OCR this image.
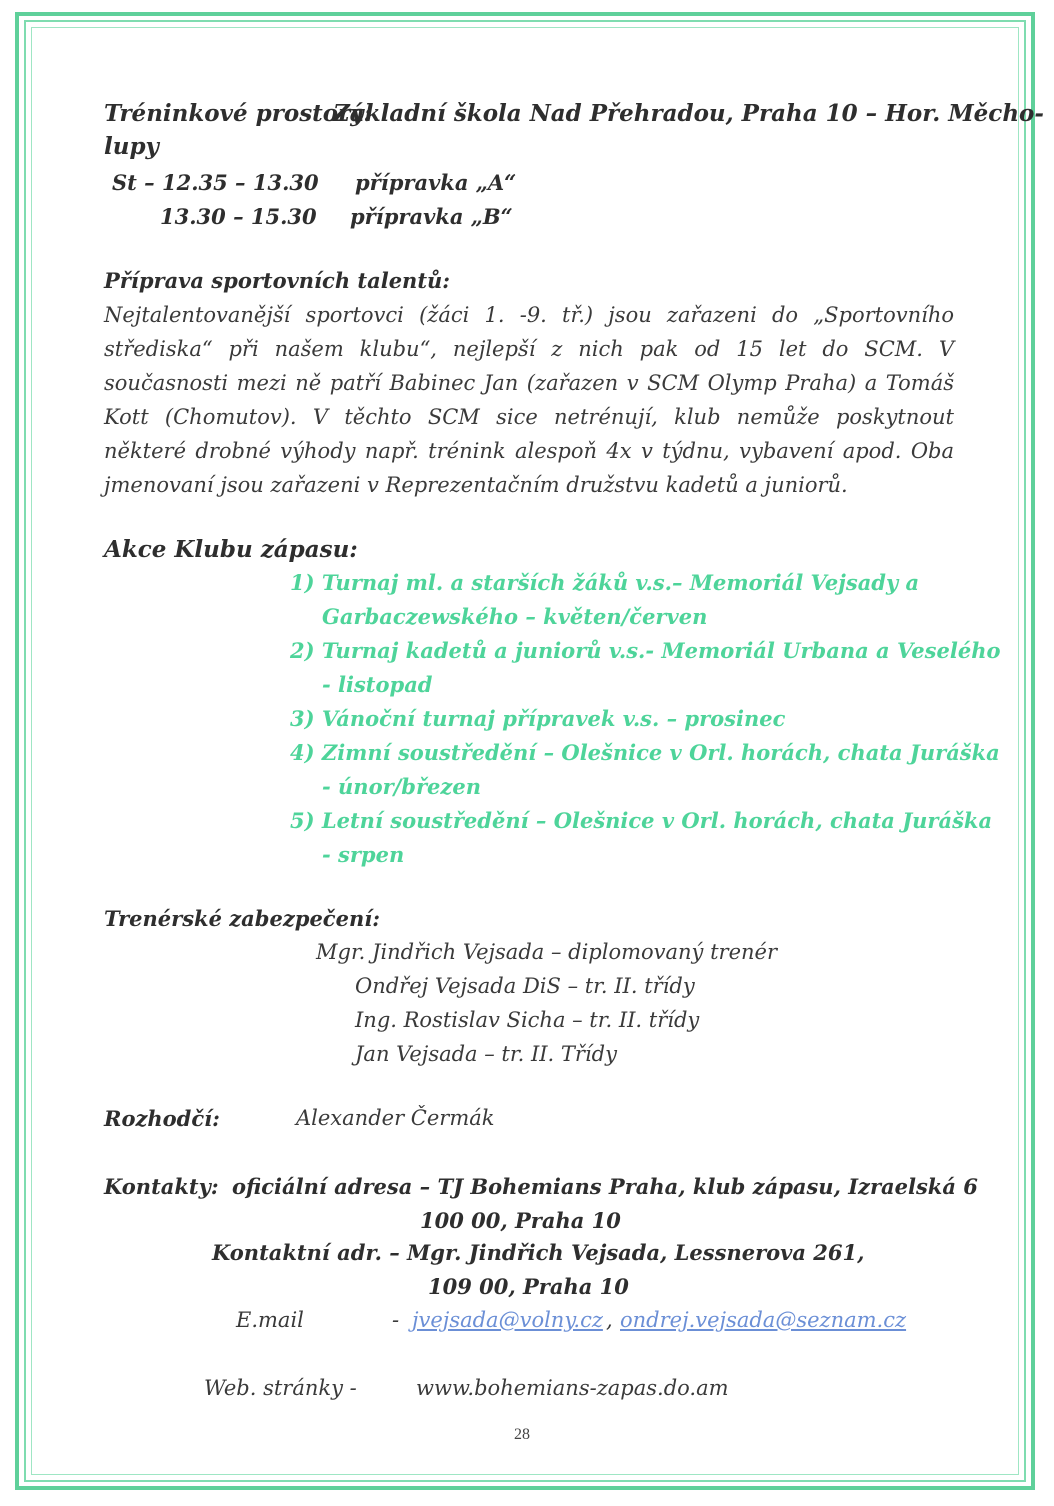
Tréninkové prostory:
Základní škola Nad Přehradou, Praha 10 – Hor. Měcho-
lupy
St – 12.35 – 13.30 přípravka „A“
13.30 – 15.30 přípravka „B“
Příprava sportovních talentů:
Nejtalentovanější sportovci (žáci 1. -9. tř.) jsou zařazeni do „Sportovního střediska“ při našem klubu“, nejlepší z nich pak od 15 let do SCM. V současnosti mezi ně patří Babinec Jan (zařazen v SCM Olymp Praha) a Tomáš Kott (Chomutov). V těchto SCM sice netrénují, klub nemůže poskytnout některé drobné výhody např. trénink alespoň 4x v týdnu, vybavení apod. Oba jmenovaní jsou zařazeni v Reprezentačním družstvu kadetů a juniorů.
Akce Klubu zápasu:
1) Turnaj ml. a starších žáků v.s.– Memoriál Vejsady a
Garbaczewského – květen/červen
2) Turnaj kadetů a juniorů v.s.- Memoriál Urbana a Veselého
- listopad
3) Vánoční turnaj přípravek v.s. – prosinec
4) Zimní soustředění – Olešnice v Orl. horách, chata Juráška
- únor/březen
5) Letní soustředění – Olešnice v Orl. horách, chata Juráška
- srpen
Trenérské zabezpečení:
Mgr. Jindřich Vejsada – diplomovaný trenér
Ondřej Vejsada DiS – tr. II. třídy
Ing. Rostislav Sicha – tr. II. třídy
Jan Vejsada – tr. II. Třídy
Rozhodčí:	Alexander Čermák
Kontakty: oficiální adresa – TJ Bohemians Praha, klub zápasu, Izraelská 6
100 00, Praha 10
Kontaktní adr. – Mgr. Jindřich Vejsada, Lessnerova 261,
109 00, Praha 10
E.mail	- jvejsada@volny.cz , ondrej.vejsada@seznam.cz
Web. stránky -	www.bohemians-zapas.do.am
28
